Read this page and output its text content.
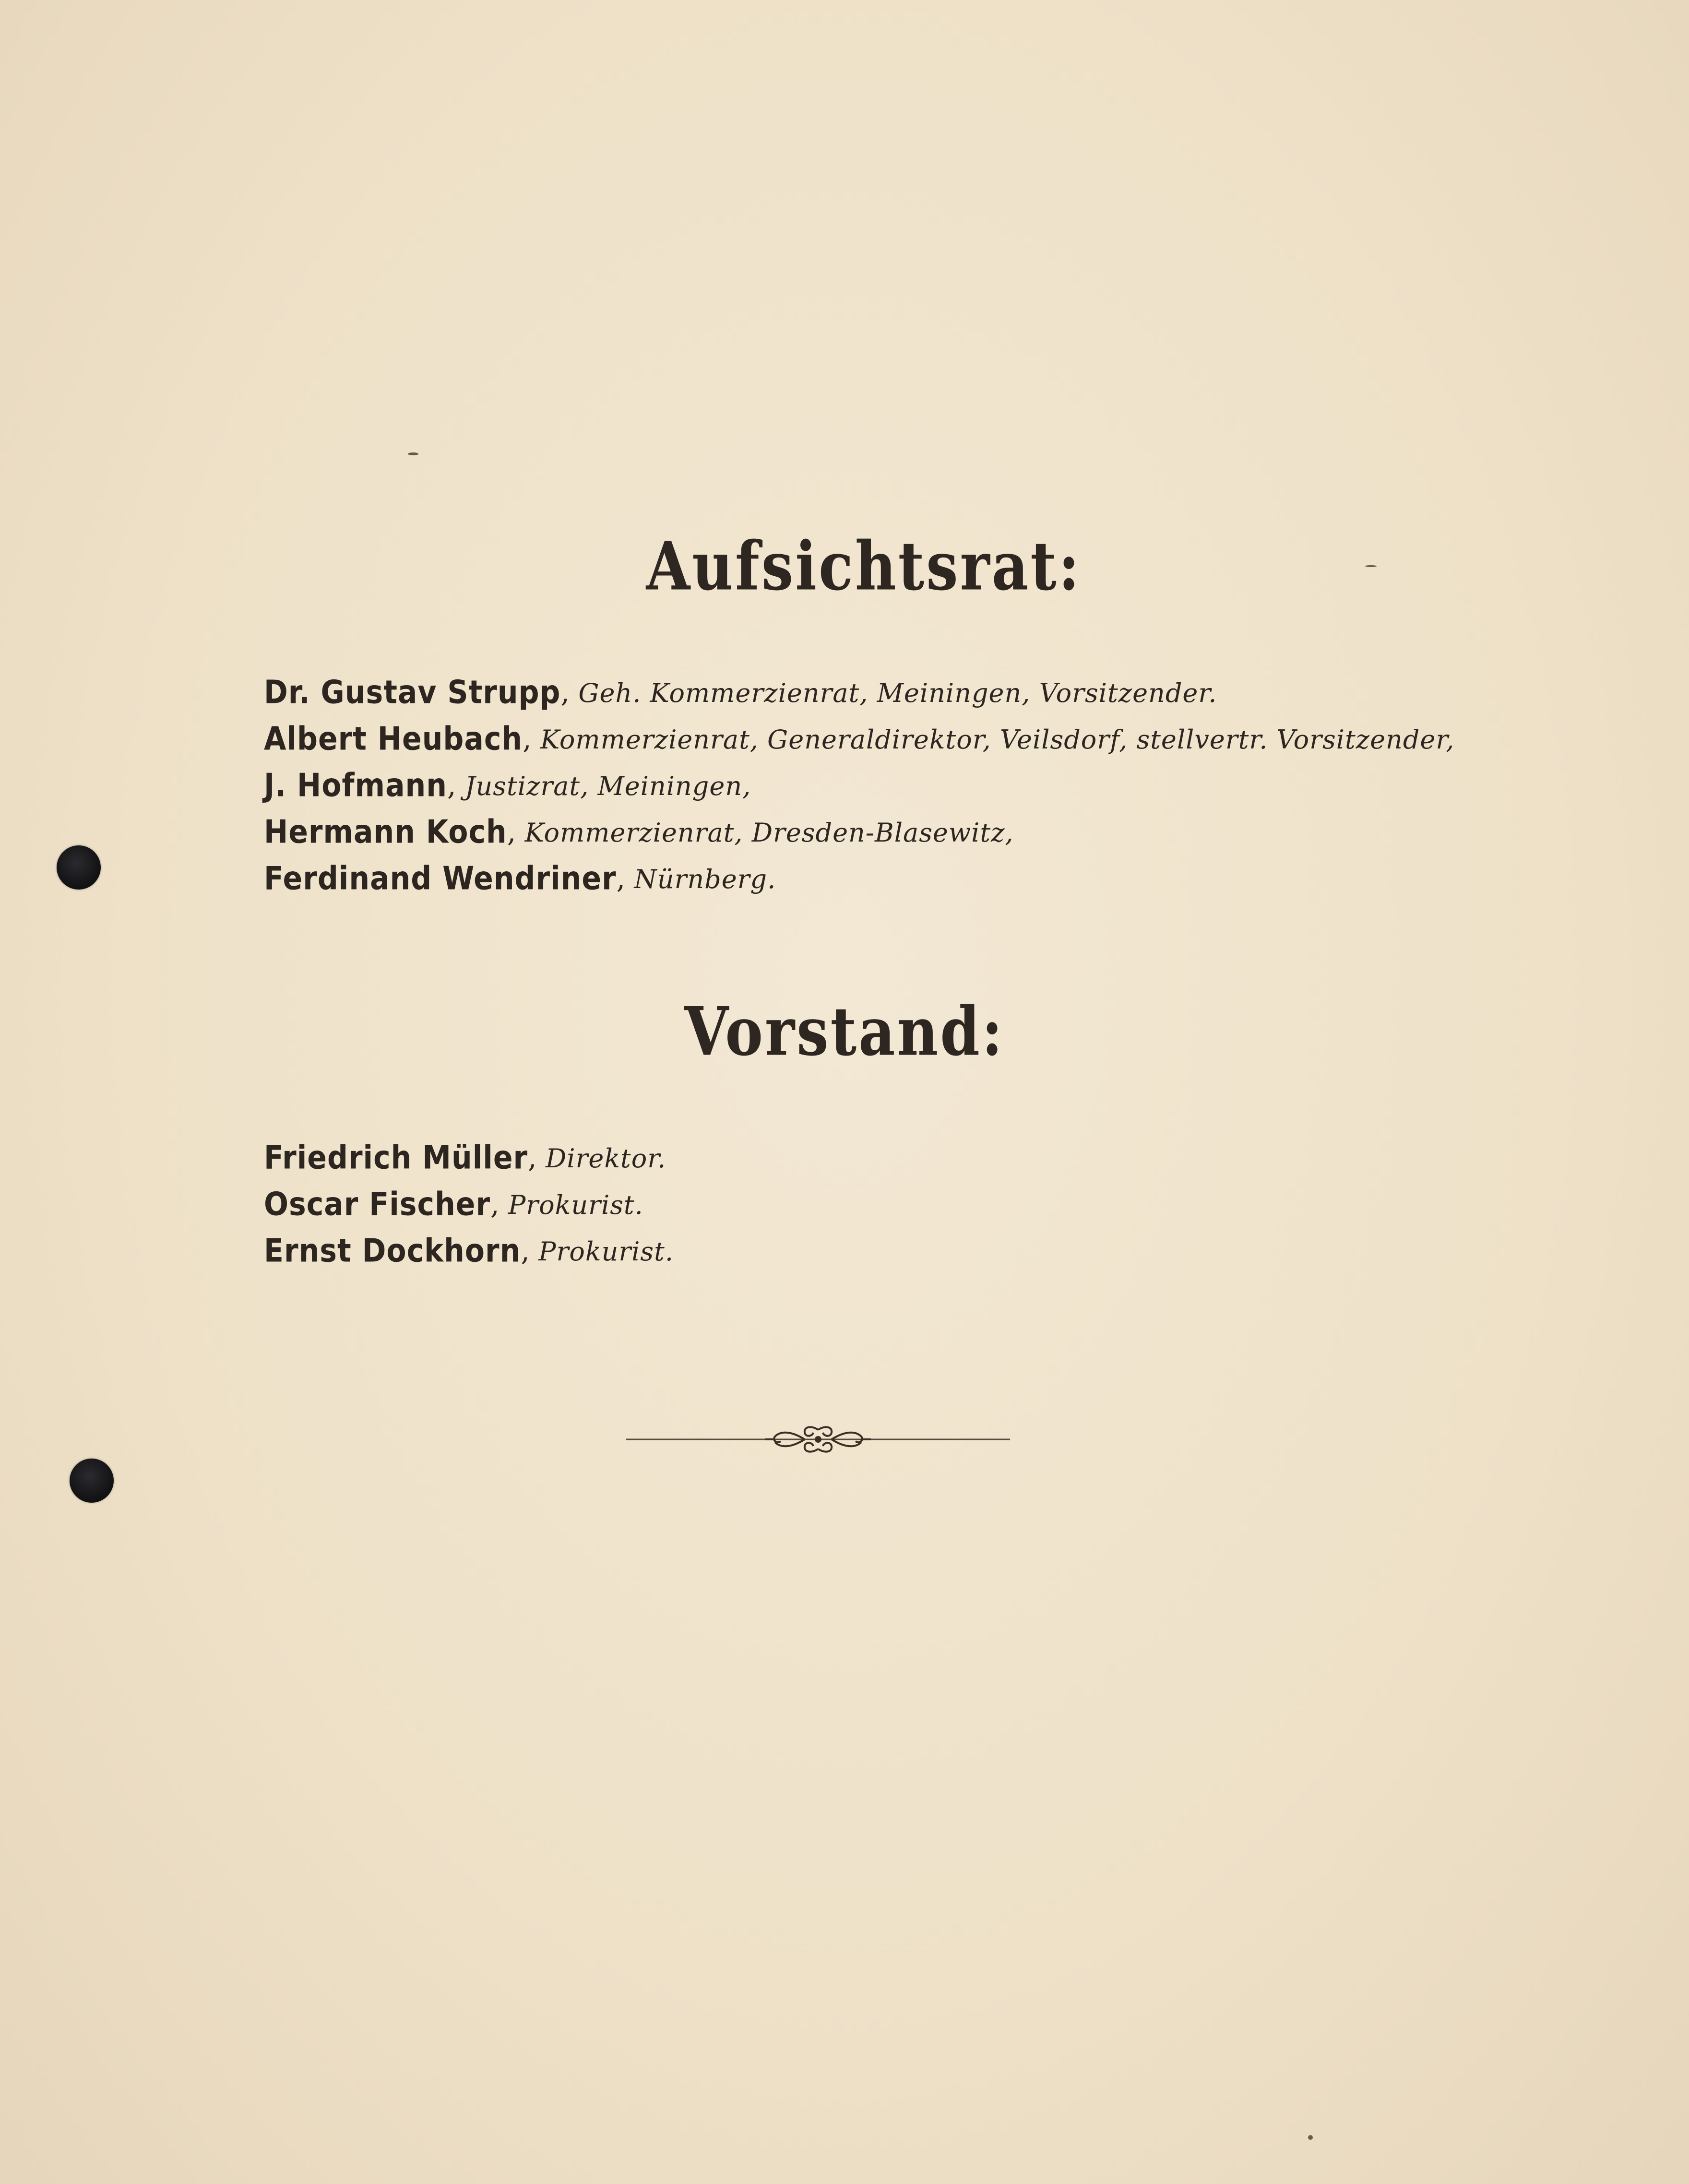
Aufsichtsrat:
Dr. Gustav Strupp, Geh. Kommerzienrat, Meiningen, Vorsitzender.
Albert Heubach, Kommerzienrat, Generaldirektor, Veilsdorf, stellvertr. Vorsitzender,
J. Hofmann, Justizrat, Meiningen,
Hermann Koch, Kommerzienrat, Dresden-Blasewitz,
Ferdinand Wendriner, Nürnberg.
Vorstand:
Friedrich Müller, Direktor.
Oscar Fischer, Prokurist.
Ernst Dockhorn, Prokurist.
